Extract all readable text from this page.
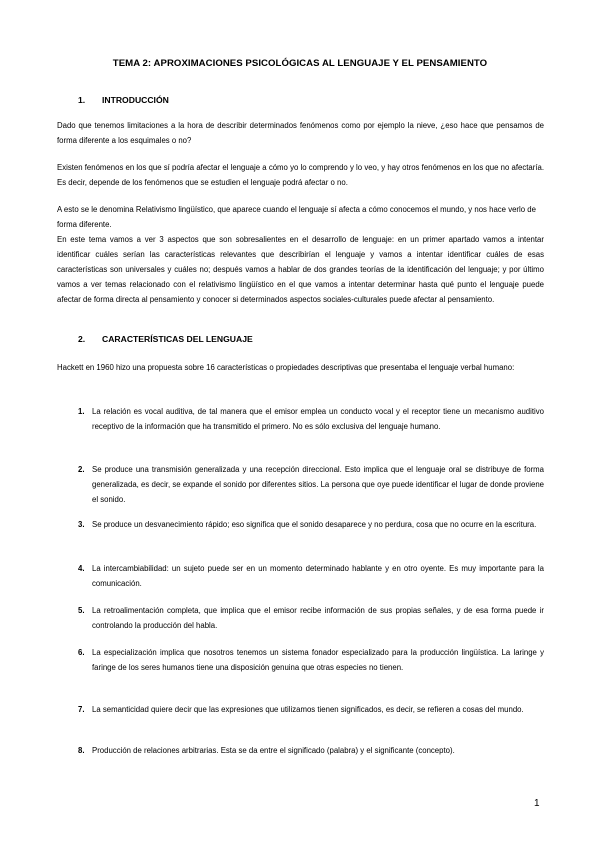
TEMA 2: APROXIMACIONES PSICOLÓGICAS AL LENGUAJE Y EL PENSAMIENTO
1. INTRODUCCIÓN

Dado que tenemos limitaciones a la hora de describir determinados fenómenos como por ejemplo la nieve, ¿eso hace que pensamos de forma diferente a los esquimales o no?

Existen fenómenos en los que sí podría afectar el lenguaje a cómo yo lo comprendo y lo veo, y hay otros fenómenos en los que no afectaría. Es decir, depende de los fenómenos que se estudien el lenguaje podrá afectar o no.

A esto se le denomina Relativismo lingüístico, que aparece cuando el lenguaje sí afecta a cómo conocemos el mundo, y nos hace verlo de forma diferente.

En este tema vamos a ver 3 aspectos que son sobresalientes en el desarrollo de lenguaje: en un primer apartado vamos a intentar identificar cuáles serían las características relevantes que describirían el lenguaje y vamos a intentar identificar cuáles de esas características son universales y cuáles no; después vamos a hablar de dos grandes teorías de la identificación del lenguaje; y por último vamos a ver temas relacionado con el relativismo lingüístico en el que vamos a intentar determinar hasta qué punto el lenguaje puede afectar de forma directa al pensamiento y conocer si determinados aspectos sociales-culturales puede afectar al pensamiento.

2. CARACTERÍSTICAS DEL LENGUAJE

Hackett en 1960 hizo una propuesta sobre 16 características o propiedades descriptivas que presentaba el lenguaje verbal humano:

1. La relación es vocal auditiva, de tal manera que el emisor emplea un conducto vocal y el receptor tiene un mecanismo auditivo receptivo de la información que ha transmitido el primero. No es sólo exclusiva del lenguaje humano.
2. Se produce una transmisión generalizada y una recepción direccional. Esto implica que el lenguaje oral se distribuye de forma generalizada, es decir, se expande el sonido por diferentes sitios. La persona que oye puede identificar el lugar de donde proviene el sonido.
3. Se produce un desvanecimiento rápido; eso significa que el sonido desaparece y no perdura, cosa que no ocurre en la escritura.
4. La intercambiabilidad: un sujeto puede ser en un momento determinado hablante y en otro oyente. Es muy importante para la comunicación.
5. La retroalimentación completa, que implica que el emisor recibe información de sus propias señales, y de esa forma puede ir controlando la producción del habla.
6. La especialización implica que nosotros tenemos un sistema fonador especializado para la producción lingüística. La laringe y faringe de los seres humanos tiene una disposición genuina que otras especies no tienen.
7. La semanticidad quiere decir que las expresiones que utilizamos tienen significados, es decir, se refieren a cosas del mundo.
8. Producción de relaciones arbitrarias. Esta se da entre el significado (palabra) y el significante (concepto).
1
